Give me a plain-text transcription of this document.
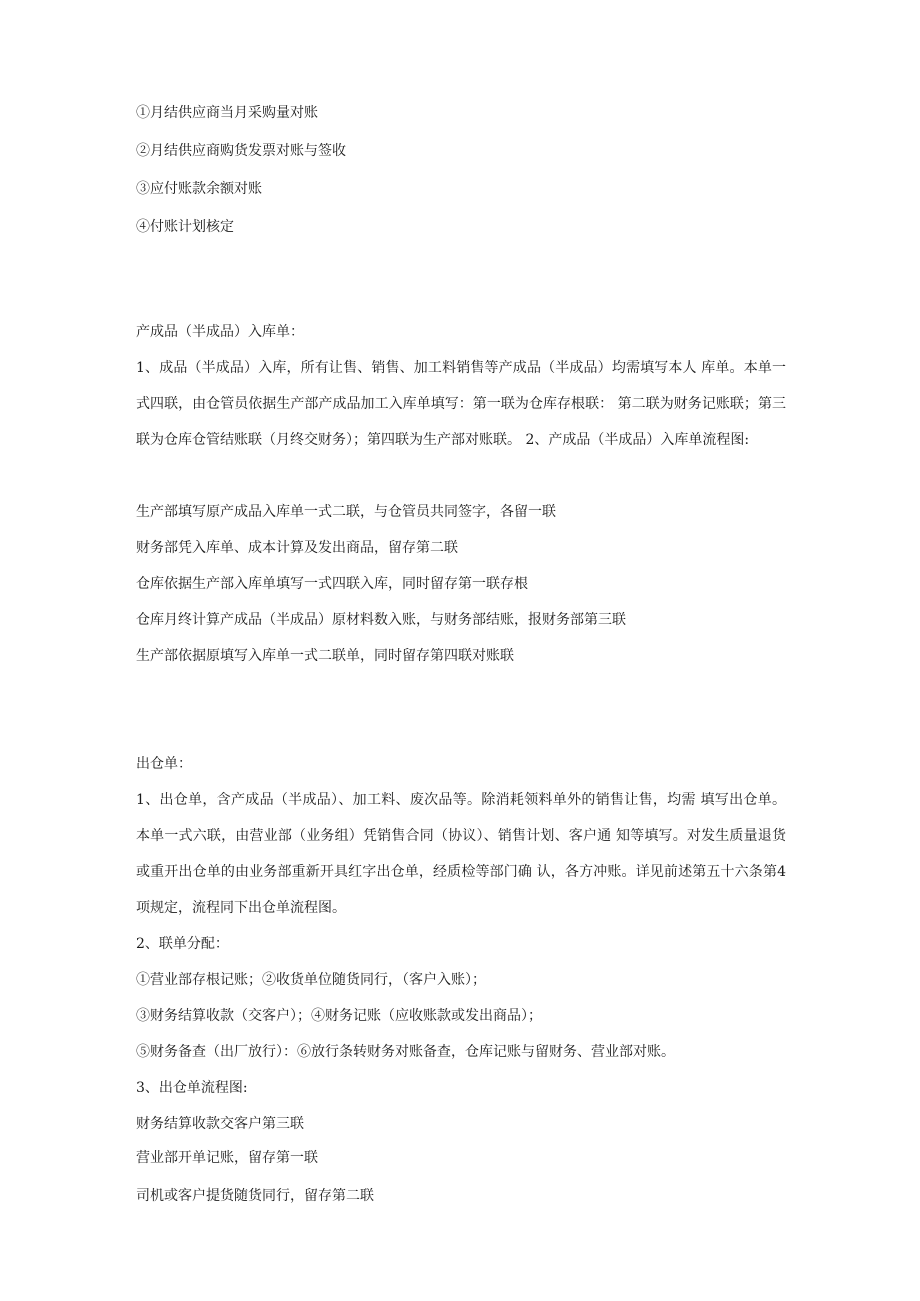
①月结供应商当月采购量对账
②月结供应商购货发票对账与签收
③应付账款余额对账
④付账计划核定
产成品（半成品）入库单：
1、成品（半成品）入库，所有让售、销售、加工料销售等产成品（半成品）均需填写本人 库单。本单一式四联，由仓管员依据生产部产成品加工入库单填写：第一联为仓库存根联： 第二联为财务记账联；第三联为仓库仓管结账联（月终交财务）；第四联为生产部对账联。 2、产成品（半成品）入库单流程图:
生产部填写原产成品入库单一式二联，与仓管员共同签字，各留一联
财务部凭入库单、成本计算及发出商品，留存第二联
仓库依据生产部入库单填写一式四联入库，同时留存第一联存根
仓库月终计算产成品（半成品）原材料数入账，与财务部结账，报财务部第三联
生产部依据原填写入库单一式二联单，同时留存第四联对账联
出仓单：
1、出仓单，含产成品（半成品）、加工料、废次品等。除消耗领料单外的销售让售，均需 填写出仓单。本单一式六联，由营业部（业务组）凭销售合同（协议）、销售计划、客户通 知等填写。对发生质量退货或重开出仓单的由业务部重新开具红字出仓单，经质检等部门确 认，各方冲账。详见前述第五十六条第4项规定，流程同下出仓单流程图。
2、联单分配：
①营业部存根记账；②收货单位随货同行，（客户入账）；
③财务结算收款（交客户）；④财务记账（应收账款或发出商品）；
⑤财务备查（出厂放行）：⑥放行条转财务对账备查，仓库记账与留财务、营业部对账。
3、出仓单流程图:
财务结算收款交客户第三联
营业部开单记账，留存第一联
司机或客户提货随货同行，留存第二联
